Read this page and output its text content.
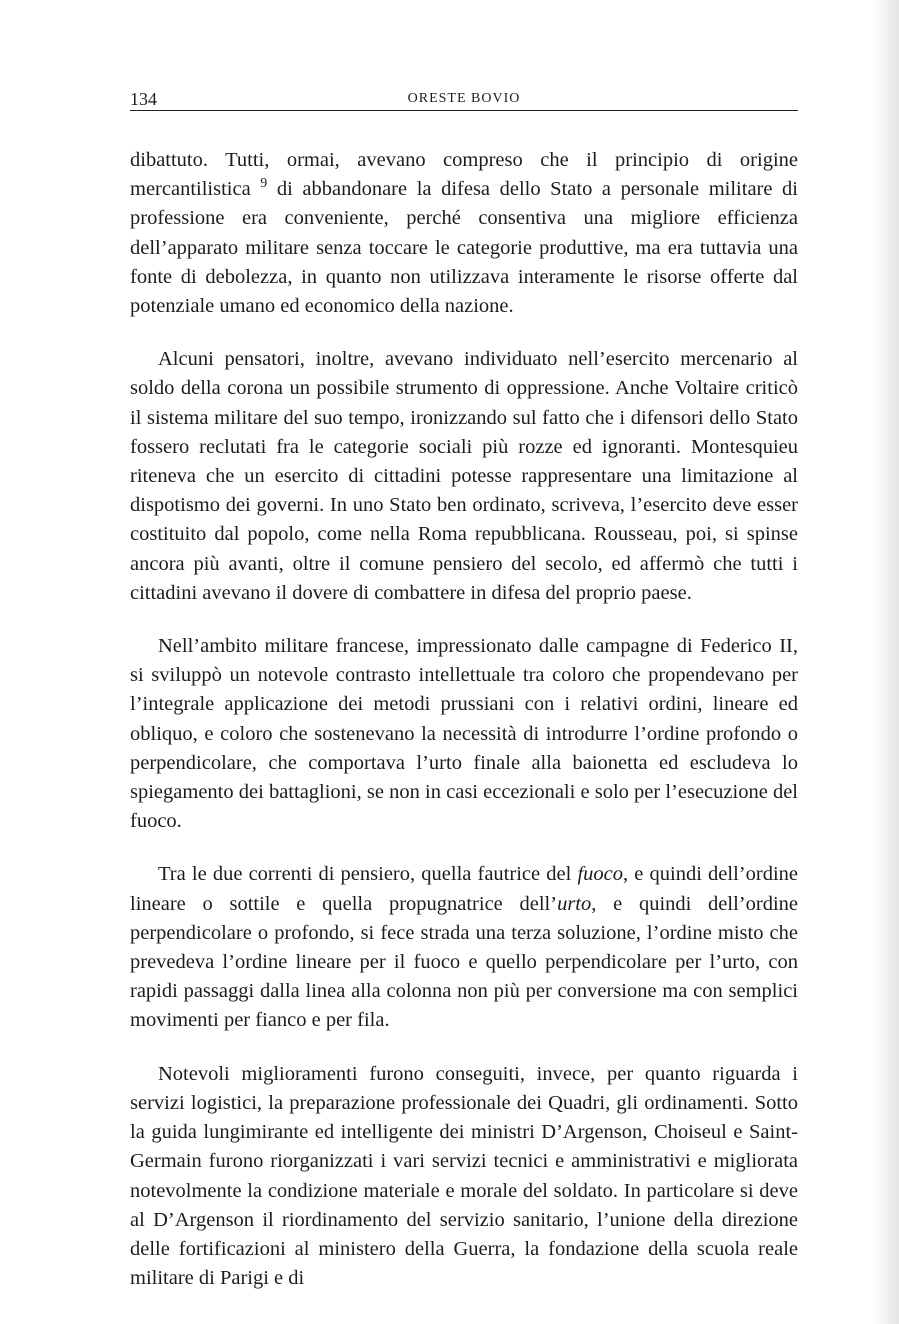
134	ORESTE BOVIO

dibattuto. Tutti, ormai, avevano compreso che il principio di origine mercantilistica $^9$ di abbandonare la difesa dello Stato a personale militare di professione era conveniente, perché consentiva una migliore efficienza dell’apparato militare senza toccare le categorie produttive, ma era tuttavia una fonte di debolezza, in quanto non utilizzava interamente le risorse offerte dal potenziale umano ed economico della nazione.

Alcuni pensatori, inoltre, avevano individuato nell’esercito mercenario al soldo della corona un possibile strumento di oppressione. Anche Voltaire criticò il sistema militare del suo tempo, ironizzando sul fatto che i difensori dello Stato fossero reclutati fra le categorie sociali più rozze ed ignoranti. Montesquieu riteneva che un esercito di cittadini potesse rappresentare una limitazione al dispotismo dei governi. In uno Stato ben ordinato, scriveva, l’esercito deve esser costituito dal popolo, come nella Roma repubblicana. Rousseau, poi, si spinse ancora più avanti, oltre il comune pensiero del secolo, ed affermò che tutti i cittadini avevano il dovere di combattere in difesa del proprio paese.

Nell’ambito militare francese, impressionato dalle campagne di Federico II, si sviluppò un notevole contrasto intellettuale tra coloro che propendevano per l’integrale applicazione dei metodi prussiani con i relativi ordini, lineare ed obliquo, e coloro che sostenevano la necessità di introdurre l’ordine profondo o perpendicolare, che comportava l’urto finale alla baionetta ed escludeva lo spiegamento dei battaglioni, se non in casi eccezionali e solo per l’esecuzione del fuoco.

Tra le due correnti di pensiero, quella fautrice del fuoco, e quindi dell’ordine lineare o sottile e quella propugnatrice dell’urto, e quindi dell’ordine perpendicolare o profondo, si fece strada una terza soluzione, l’ordine misto che prevedeva l’ordine lineare per il fuoco e quello perpendicolare per l’urto, con rapidi passaggi dalla linea alla colonna non più per conversione ma con semplici movimenti per fianco e per fila.

Notevoli miglioramenti furono conseguiti, invece, per quanto riguarda i servizi logistici, la preparazione professionale dei Quadri, gli ordinamenti. Sotto la guida lungimirante ed intelligente dei ministri D’Argenson, Choiseul e Saint-Germain furono riorganizzati i vari servizi tecnici e amministrativi e migliorata notevolmente la condizione materiale e morale del soldato. In particolare si deve al D’Argenson il riordinamento del servizio sanitario, l’unione della direzione delle fortificazioni al ministero della Guerra, la fondazione della scuola reale militare di Parigi e di
